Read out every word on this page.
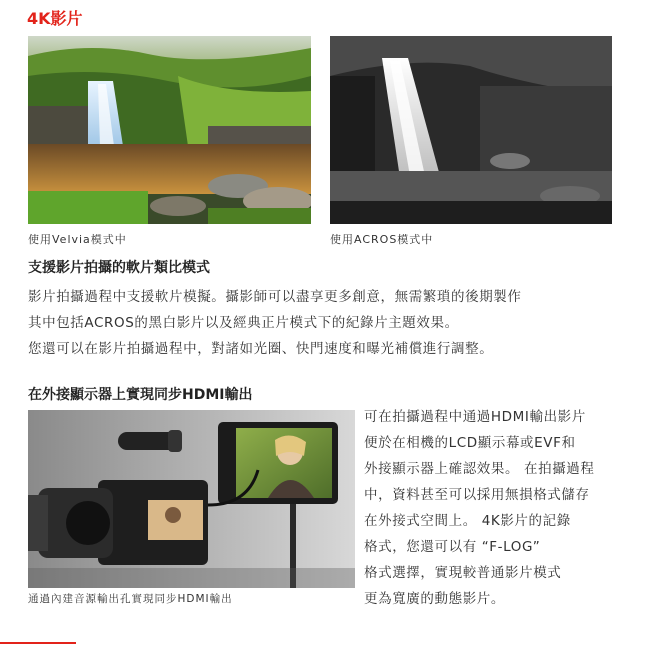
4K影片
使用Velvia模式中	使用ACROS模式中
支援影片拍攝的軟片類比模式
影片拍攝過程中支援軟片模擬。攝影師可以盡享更多創意，無需繁瑣的後期製作
其中包括ACROS的黑白影片以及經典正片模式下的紀錄片主題效果。
您還可以在影片拍攝過程中，對諸如光圈、快門速度和曝光補償進行調整。
在外接顯示器上實現同步HDMI輸出
通過內建音源輸出孔實現同步HDMI輸出
可在拍攝過程中通過HDMI輸出影片
便於在相機的LCD顯示幕或EVF和
外接顯示器上確認效果。 在拍攝過程
中，資料甚至可以採用無損格式儲存
在外接式空間上。 4K影片的記錄
格式，您還可以有 “F-LOG”
格式選擇，實現較普通影片模式
更為寬廣的動態影片。
